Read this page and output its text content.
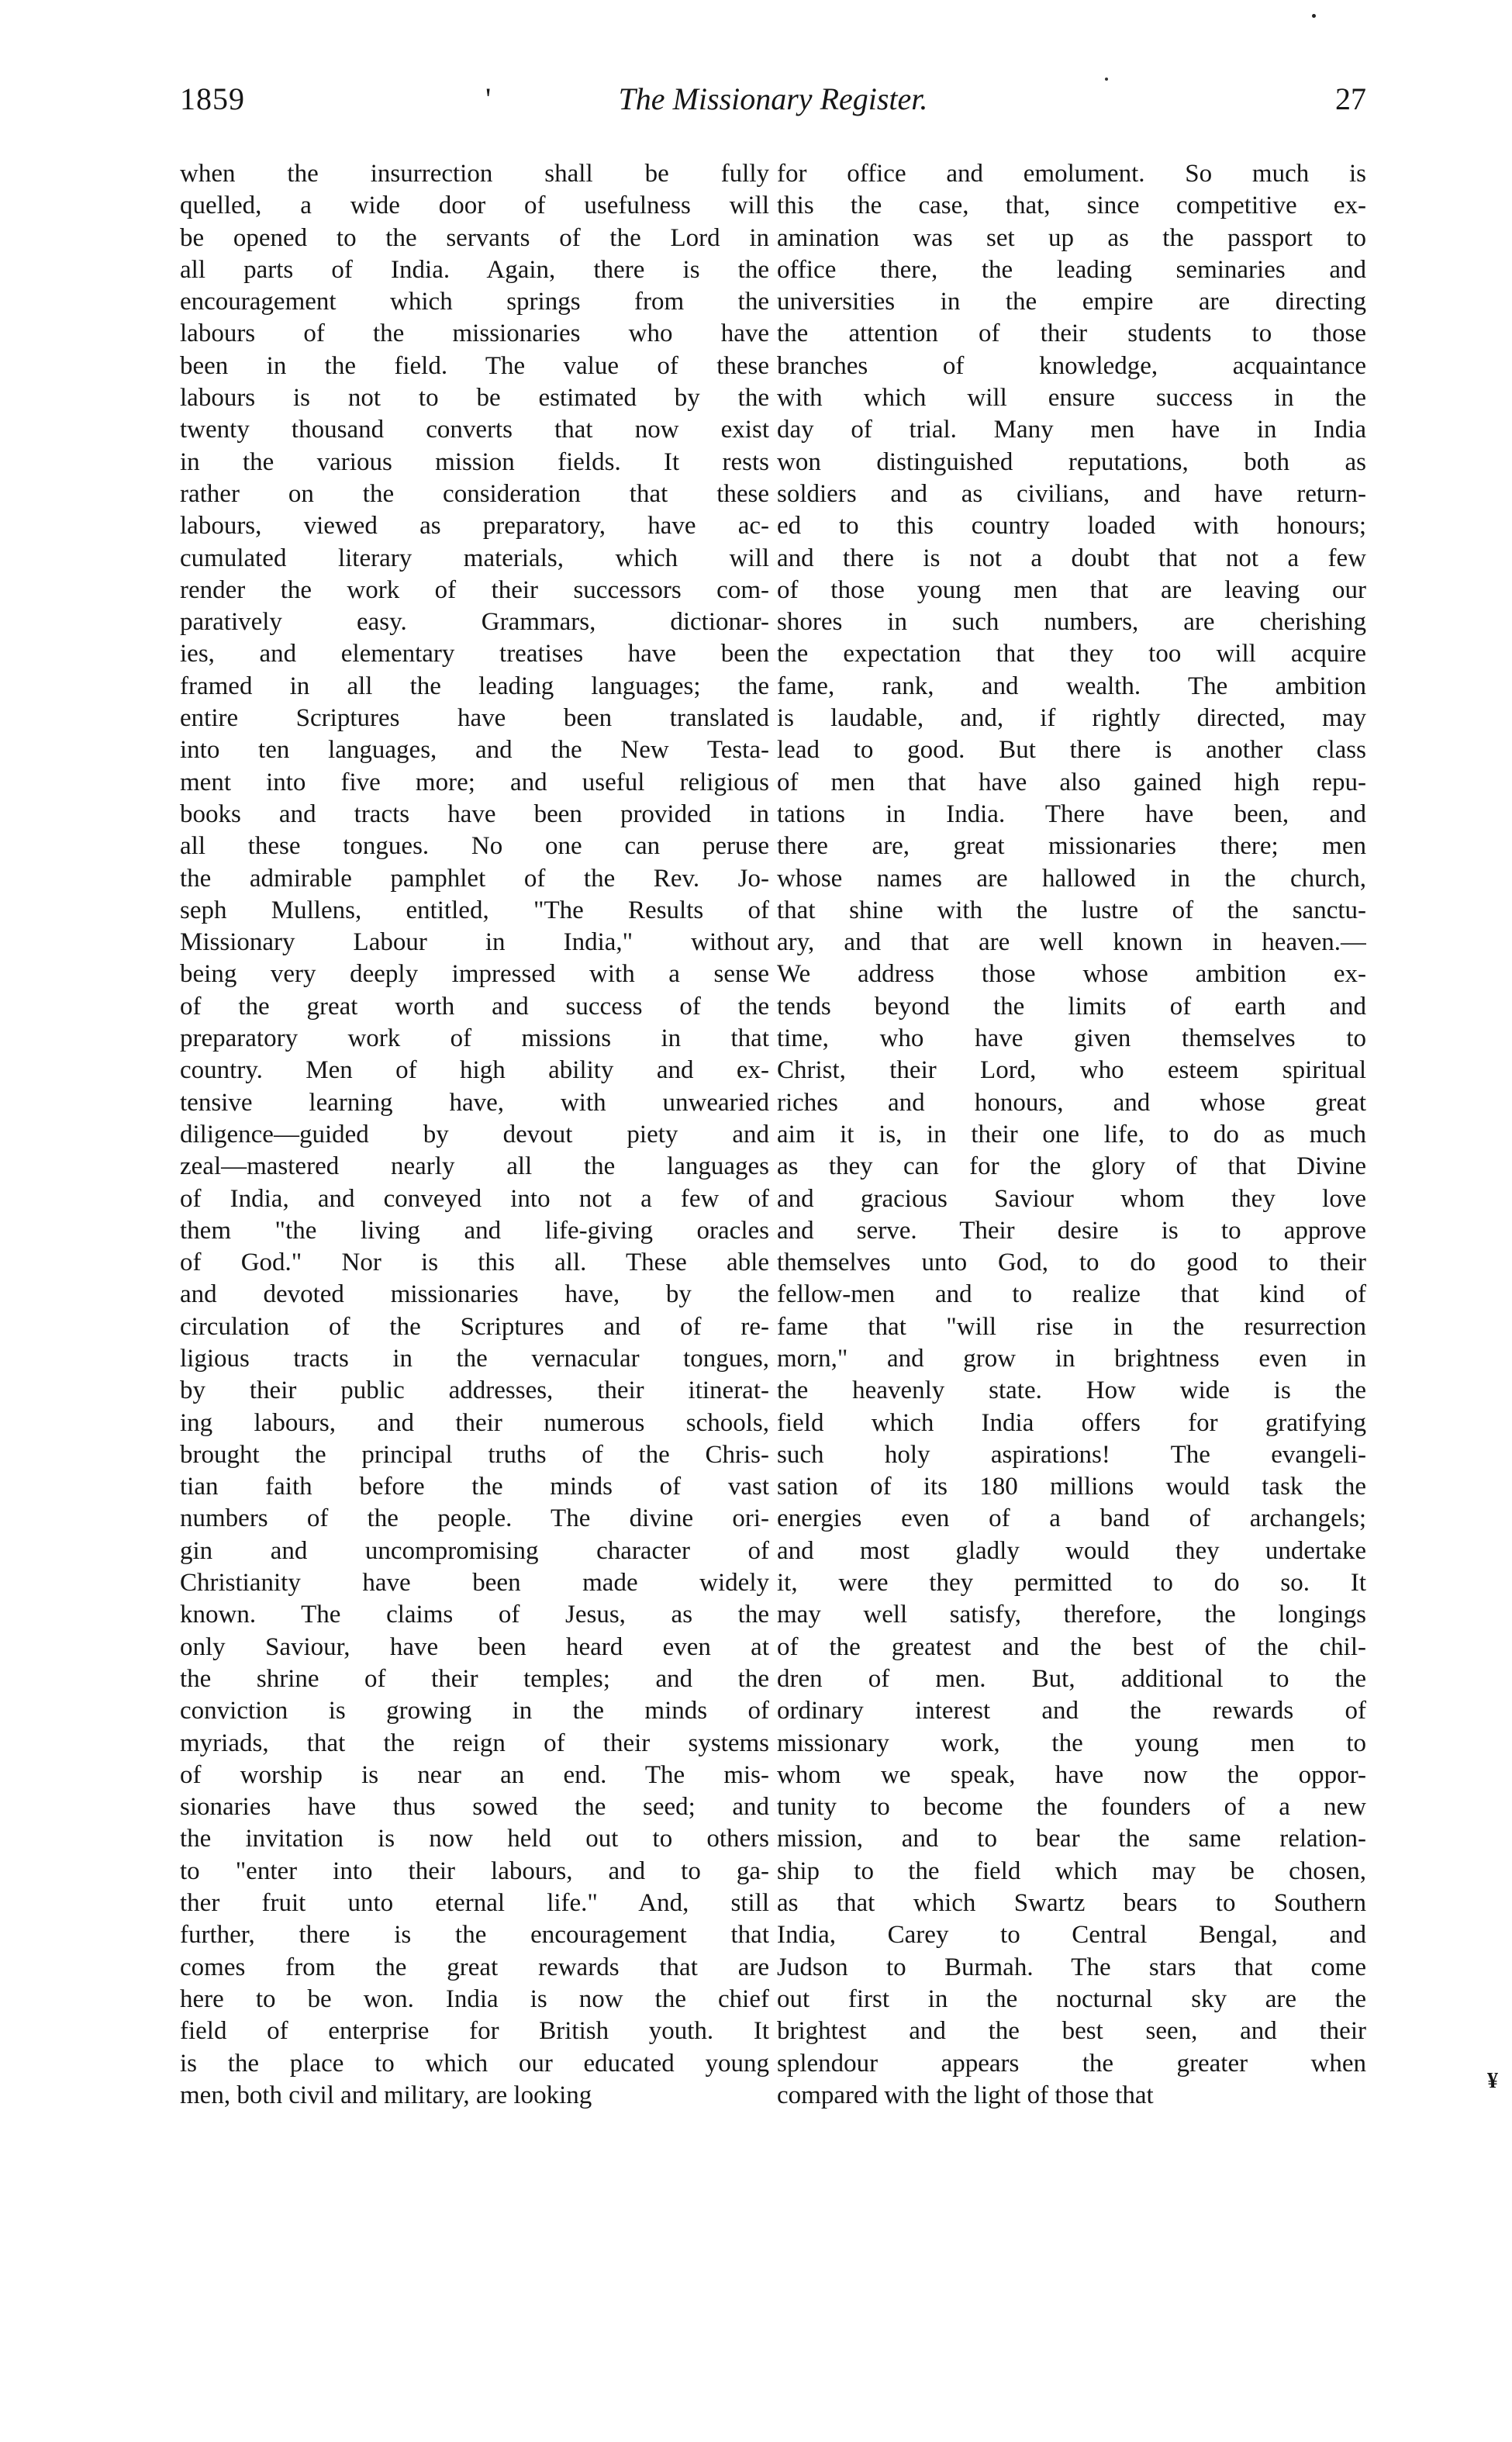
1859	'	The Missionary Register.	27
when the insurrection shall be fully
quelled, a wide door of usefulness will
be opened to the servants of the Lord in
all parts of India. Again, there is the
encouragement which springs from the
labours of the missionaries who have
been in the field. The value of these
labours is not to be estimated by the
twenty thousand converts that now exist
in the various mission fields. It rests
rather on the consideration that these
labours, viewed as preparatory, have ac-
cumulated literary materials, which will
render the work of their successors com-
paratively easy. Grammars, dictionar-
ies, and elementary treatises have been
framed in all the leading languages; the
entire Scriptures have been translated
into ten languages, and the New Testa-
ment into five more; and useful religious
books and tracts have been provided in
all these tongues. No one can peruse
the admirable pamphlet of the Rev. Jo-
seph Mullens, entitled, "The Results of
Missionary Labour in India," without
being very deeply impressed with a sense
of the great worth and success of the
preparatory work of missions in that
country. Men of high ability and ex-
tensive learning have, with unwearied
diligence—guided by devout piety and
zeal—mastered nearly all the languages
of India, and conveyed into not a few of
them "the living and life-giving oracles
of God." Nor is this all. These able
and devoted missionaries have, by the
circulation of the Scriptures and of re-
ligious tracts in the vernacular tongues,
by their public addresses, their itinerat-
ing labours, and their numerous schools,
brought the principal truths of the Chris-
tian faith before the minds of vast
numbers of the people. The divine ori-
gin and uncompromising character of
Christianity have been made widely
known. The claims of Jesus, as the
only Saviour, have been heard even at
the shrine of their temples; and the
conviction is growing in the minds of
myriads, that the reign of their systems
of worship is near an end. The mis-
sionaries have thus sowed the seed; and
the invitation is now held out to others
to "enter into their labours, and to ga-
ther fruit unto eternal life." And, still
further, there is the encouragement that
comes from the great rewards that are
here to be won. India is now the chief
field of enterprise for British youth. It
is the place to which our educated young
men, both civil and military, are looking
for office and emolument. So much is
this the case, that, since competitive ex-
amination was set up as the passport to
office there, the leading seminaries and
universities in the empire are directing
the attention of their students to those
branches of knowledge, acquaintance
with which will ensure success in the
day of trial. Many men have in India
won distinguished reputations, both as
soldiers and as civilians, and have return-
ed to this country loaded with honours;
and there is not a doubt that not a few
of those young men that are leaving our
shores in such numbers, are cherishing
the expectation that they too will acquire
fame, rank, and wealth. The ambition
is laudable, and, if rightly directed, may
lead to good. But there is another class
of men that have also gained high repu-
tations in India. There have been, and
there are, great missionaries there; men
whose names are hallowed in the church,
that shine with the lustre of the sanctu-
ary, and that are well known in heaven.—
We address those whose ambition ex-
tends beyond the limits of earth and
time, who have given themselves to
Christ, their Lord, who esteem spiritual
riches and honours, and whose great
aim it is, in their one life, to do as much
as they can for the glory of that Divine
and gracious Saviour whom they love
and serve. Their desire is to approve
themselves unto God, to do good to their
fellow-men and to realize that kind of
fame that "will rise in the resurrection
morn," and grow in brightness even in
the heavenly state. How wide is the
field which India offers for gratifying
such holy aspirations! The evangeli-
sation of its 180 millions would task the
energies even of a band of archangels;
and most gladly would they undertake
it, were they permitted to do so. It
may well satisfy, therefore, the longings
of the greatest and the best of the chil-
dren of men. But, additional to the
ordinary interest and the rewards of
missionary work, the young men to
whom we speak, have now the oppor-
tunity to become the founders of a new
mission, and to bear the same relation-
ship to the field which may be chosen,
as that which Swartz bears to Southern
India, Carey to Central Bengal, and
Judson to Burmah. The stars that come
out first in the nocturnal sky are the
brightest and the best seen, and their
splendour appears the greater when
compared with the light of those that
¥
